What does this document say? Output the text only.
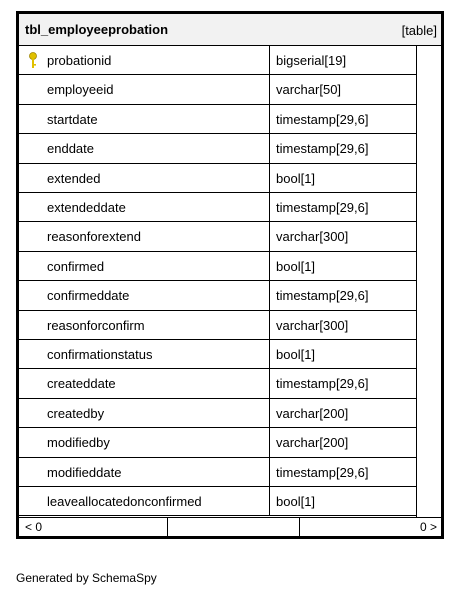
tbl_employeeprobation	[table]
probationid	bigserial[19]
employeeid	varchar[50]
startdate	timestamp[29,6]
enddate	timestamp[29,6]
extended	bool[1]
extendeddate	timestamp[29,6]
reasonforextend	varchar[300]
confirmed	bool[1]
confirmeddate	timestamp[29,6]
reasonforconfirm	varchar[300]
confirmationstatus	bool[1]
createddate	timestamp[29,6]
createdby	varchar[200]
modifiedby	varchar[200]
modifieddate	timestamp[29,6]
leaveallocatedonconfirmed	bool[1]
< 0	0 >
Generated by SchemaSpy
